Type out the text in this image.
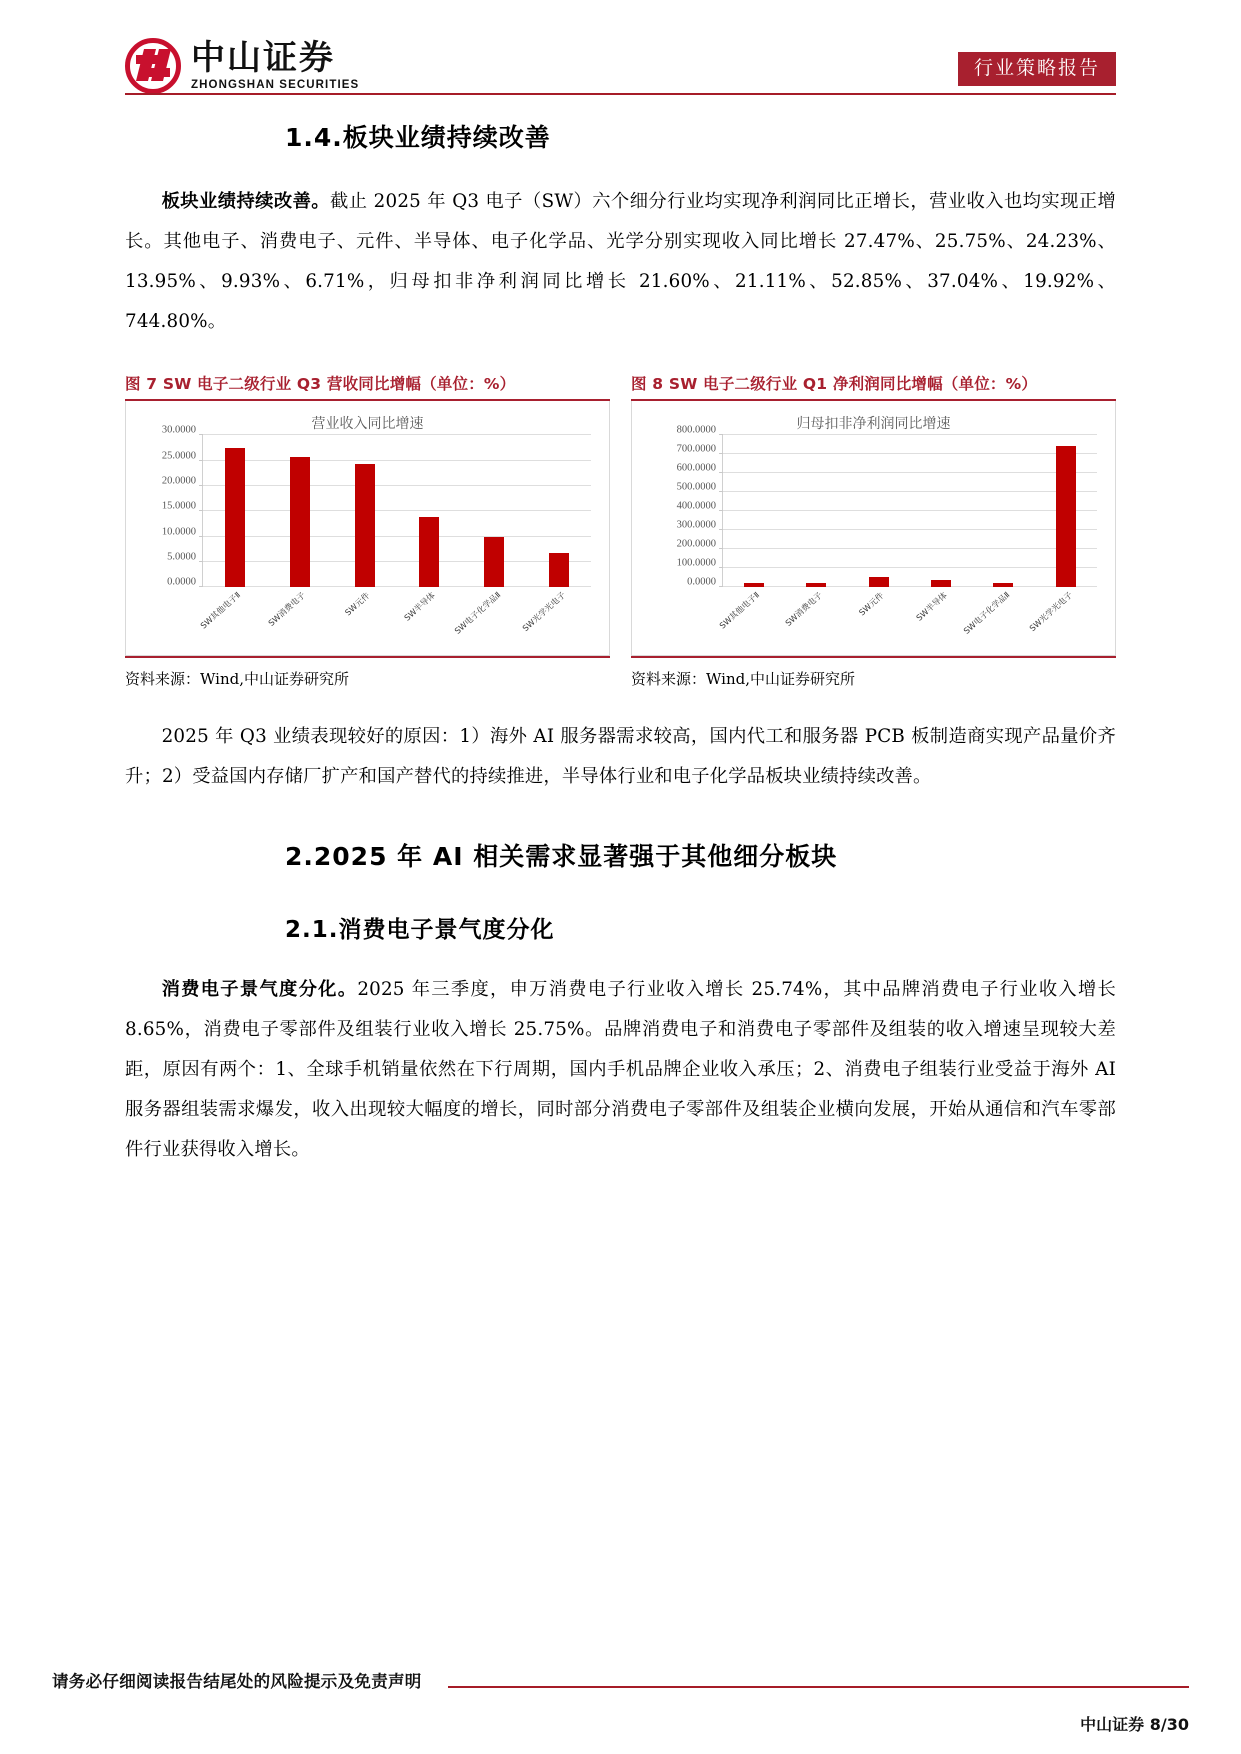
中山证券
ZHONGSHAN SECURITIES
行业策略报告
1.4.板块业绩持续改善

板块业绩持续改善。截止 2025 年 Q3 电子（SW）六个细分行业均实现净利润同比正增长，营业收入也均实现正增长。其他电子、消费电子、元件、半导体、电子化学品、光学分别实现收入同比增长 27.47%、25.75%、24.23%、13.95%、9.93%、6.71%，归母扣非净利润同比增长 21.60%、21.11%、52.85%、37.04%、19.92%、744.80%。

图 7 SW 电子二级行业 Q3 营收同比增幅（单位：%）
营业收入同比增速
0.0000
5.0000
10.0000
15.0000
20.0000
25.0000
30.0000
SW其他电子Ⅱ	SW消费电子	SW元件	SW半导体 SW电子化学品Ⅱ SW光学光电子
资料来源：Wind,中山证券研究所
图 8 SW 电子二级行业 Q1 净利润同比增幅（单位：%）
归母扣非净利润同比增速
0.0000
100.0000
200.0000
300.0000
400.0000
500.0000
600.0000
700.0000
800.0000
SW其他电子Ⅱ	SW消费电子	SW元件	SW半导体 SW电子化学品Ⅱ SW光学光电子
资料来源：Wind,中山证券研究所

2025 年 Q3 业绩表现较好的原因：1）海外 AI 服务器需求较高，国内代工和服务器 PCB 板制造商实现产品量价齐升；2）受益国内存储厂扩产和国产替代的持续推进，半导体行业和电子化学品板块业绩持续改善。

2.2025 年 AI 相关需求显著强于其他细分板块
2.1.消费电子景气度分化

消费电子景气度分化。2025 年三季度，申万消费电子行业收入增长 25.74%，其中品牌消费电子行业收入增长 8.65%，消费电子零部件及组装行业收入增长 25.75%。品牌消费电子和消费电子零部件及组装的收入增速呈现较大差距，原因有两个：1、全球手机销量依然在下行周期，国内手机品牌企业收入承压；2、消费电子组装行业受益于海外 AI 服务器组装需求爆发，收入出现较大幅度的增长，同时部分消费电子零部件及组装企业横向发展，开始从通信和汽车零部件行业获得收入增长。

请务必仔细阅读报告结尾处的风险提示及免责声明
中山证券 8/30
